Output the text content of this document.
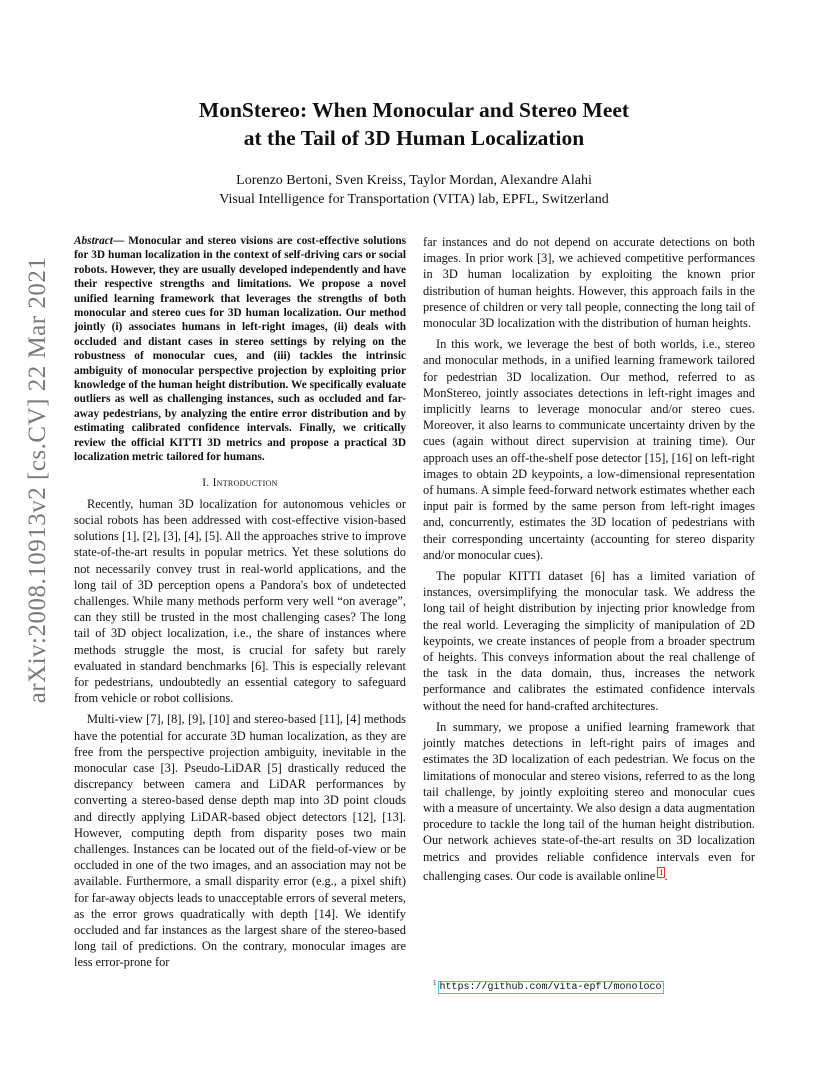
arXiv:2008.10913v2 [cs.CV] 22 Mar 2021
MonStereo: When Monocular and Stereo Meet
at the Tail of 3D Human Localization
Lorenzo Bertoni, Sven Kreiss, Taylor Mordan, Alexandre Alahi
Visual Intelligence for Transportation (VITA) lab, EPFL, Switzerland

Abstract— Monocular and stereo visions are cost-effective solutions for 3D human localization in the context of self-driving cars or social robots. However, they are usually developed independently and have their respective strengths and limitations. We propose a novel unified learning framework that leverages the strengths of both monocular and stereo cues for 3D human localization. Our method jointly (i) associates humans in left-right images, (ii) deals with occluded and distant cases in stereo settings by relying on the robustness of monocular cues, and (iii) tackles the intrinsic ambiguity of monocular perspective projection by exploiting prior knowledge of the human height distribution. We specifically evaluate outliers as well as challenging instances, such as occluded and far-away pedestrians, by analyzing the entire error distribution and by estimating calibrated confidence intervals. Finally, we critically review the official KITTI 3D metrics and propose a practical 3D localization metric tailored for humans.

I. Introduction

Recently, human 3D localization for autonomous vehicles or social robots has been addressed with cost-effective vision-based solutions [1], [2], [3], [4], [5]. All the approaches strive to improve state-of-the-art results in popular metrics. Yet these solutions do not necessarily convey trust in real-world applications, and the long tail of 3D perception opens a Pandora's box of undetected challenges. While many methods perform very well “on average”, can they still be trusted in the most challenging cases? The long tail of 3D object localization, i.e., the share of instances where methods struggle the most, is crucial for safety but rarely evaluated in standard benchmarks [6]. This is especially relevant for pedestrians, undoubtedly an essential category to safeguard from vehicle or robot collisions.

Multi-view [7], [8], [9], [10] and stereo-based [11], [4] methods have the potential for accurate 3D human localization, as they are free from the perspective projection ambiguity, inevitable in the monocular case [3]. Pseudo-LiDAR [5] drastically reduced the discrepancy between camera and LiDAR performances by converting a stereo-based dense depth map into 3D point clouds and directly applying LiDAR-based object detectors [12], [13]. However, computing depth from disparity poses two main challenges. Instances can be located out of the field-of-view or be occluded in one of the two images, and an association may not be available. Furthermore, a small disparity error (e.g., a pixel shift) for far-away objects leads to unacceptable errors of several meters, as the error grows quadratically with depth [14]. We identify occluded and far instances as the largest share of the stereo-based long tail of predictions. On the contrary, monocular images are less error-prone for

far instances and do not depend on accurate detections on both images. In prior work [3], we achieved competitive performances in 3D human localization by exploiting the known prior distribution of human heights. However, this approach fails in the presence of children or very tall people, connecting the long tail of monocular 3D localization with the distribution of human heights.

In this work, we leverage the best of both worlds, i.e., stereo and monocular methods, in a unified learning framework tailored for pedestrian 3D localization. Our method, referred to as MonStereo, jointly associates detections in left-right images and implicitly learns to leverage monocular and/or stereo cues. Moreover, it also learns to communicate uncertainty driven by the cues (again without direct supervision at training time). Our approach uses an off-the-shelf pose detector [15], [16] on left-right images to obtain 2D keypoints, a low-dimensional representation of humans. A simple feed-forward network estimates whether each input pair is formed by the same person from left-right images and, concurrently, estimates the 3D location of pedestrians with their corresponding uncertainty (accounting for stereo disparity and/or monocular cues).

The popular KITTI dataset [6] has a limited variation of instances, oversimplifying the monocular task. We address the long tail of height distribution by injecting prior knowledge from the real world. Leveraging the simplicity of manipulation of 2D keypoints, we create instances of people from a broader spectrum of heights. This conveys information about the real challenge of the task in the data domain, thus, increases the network performance and calibrates the estimated confidence intervals without the need for hand-crafted architectures.

In summary, we propose a unified learning framework that jointly matches detections in left-right pairs of images and estimates the 3D localization of each pedestrian. We focus on the limitations of monocular and stereo visions, referred to as the long tail challenge, by jointly exploiting stereo and monocular cues with a measure of uncertainty. We also design a data augmentation procedure to tackle the long tail of the human height distribution. Our network achieves state-of-the-art results on 3D localization metrics and provides reliable confidence intervals even for challenging cases. Our code is available online $^1$.

$^1$ https://github.com/vita-epfl/monoloco
